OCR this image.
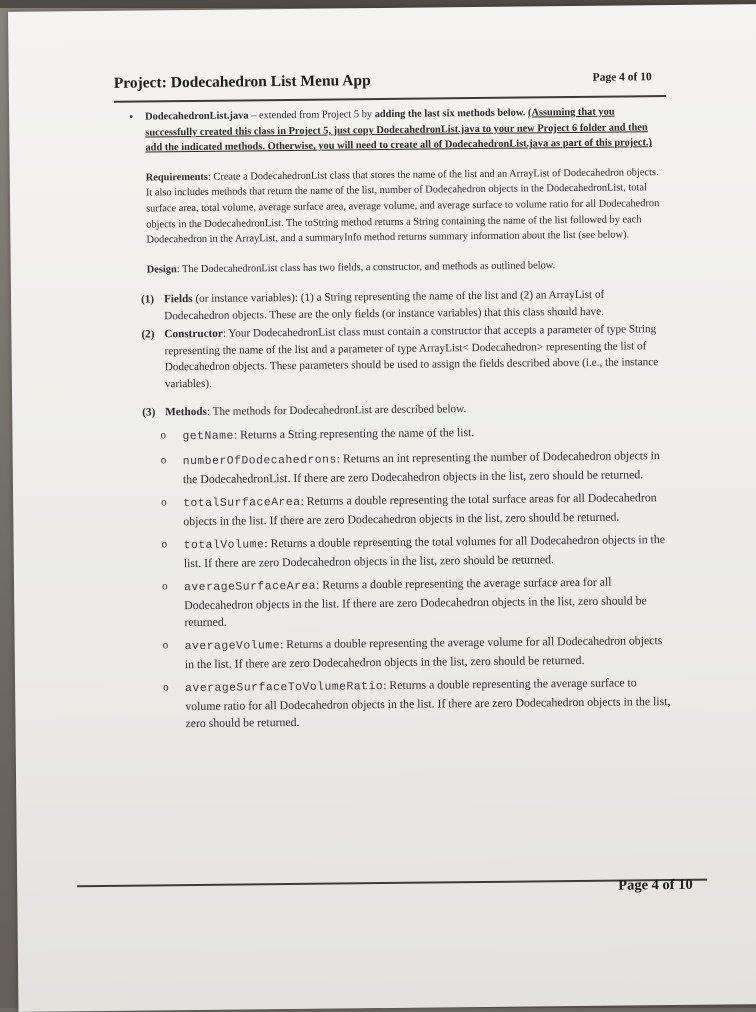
Project: Dodecahedron List Menu App	Page 4 of 10

• DodecahedronList.java – extended from Project 5 by adding the last six methods below. (Assuming that you successfully created this class in Project 5, just copy DodecahedronList.java to your new Project 6 folder and then add the indicated methods. Otherwise, you will need to create all of DodecahedronList.java as part of this project.)

Requirements: Create a DodecahedronList class that stores the name of the list and an ArrayList of Dodecahedron objects. It also includes methods that return the name of the list, number of Dodecahedron objects in the DodecahedronList, total surface area, total volume, average surface area, average volume, and average surface to volume ratio for all Dodecahedron objects in the DodecahedronList. The toString method returns a String containing the name of the list followed by each Dodecahedron in the ArrayList, and a summaryInfo method returns summary information about the list (see below).

Design: The DodecahedronList class has two fields, a constructor, and methods as outlined below.

(1) Fields (or instance variables): (1) a String representing the name of the list and (2) an ArrayList of Dodecahedron objects. These are the only fields (or instance variables) that this class should have.
(2) Constructor: Your DodecahedronList class must contain a constructor that accepts a parameter of type String representing the name of the list and a parameter of type ArrayList< Dodecahedron> representing the list of Dodecahedron objects. These parameters should be used to assign the fields described above (i.e., the instance variables).
(3) Methods: The methods for DodecahedronList are described below.
o getName: Returns a String representing the name of the list.
o numberOfDodecahedrons: Returns an int representing the number of Dodecahedron objects in the DodecahedronList. If there are zero Dodecahedron objects in the list, zero should be returned.
o totalSurfaceArea: Returns a double representing the total surface areas for all Dodecahedron objects in the list. If there are zero Dodecahedron objects in the list, zero should be returned.
o totalVolume: Returns a double representing the total volumes for all Dodecahedron objects in the list. If there are zero Dodecahedron objects in the list, zero should be returned.
o averageSurfaceArea: Returns a double representing the average surface area for all Dodecahedron objects in the list. If there are zero Dodecahedron objects in the list, zero should be returned.
o averageVolume: Returns a double representing the average volume for all Dodecahedron objects in the list. If there are zero Dodecahedron objects in the list, zero should be returned.
o averageSurfaceToVolumeRatio: Returns a double representing the average surface to volume ratio for all Dodecahedron objects in the list. If there are zero Dodecahedron objects in the list, zero should be returned.
Page 4 of 10
